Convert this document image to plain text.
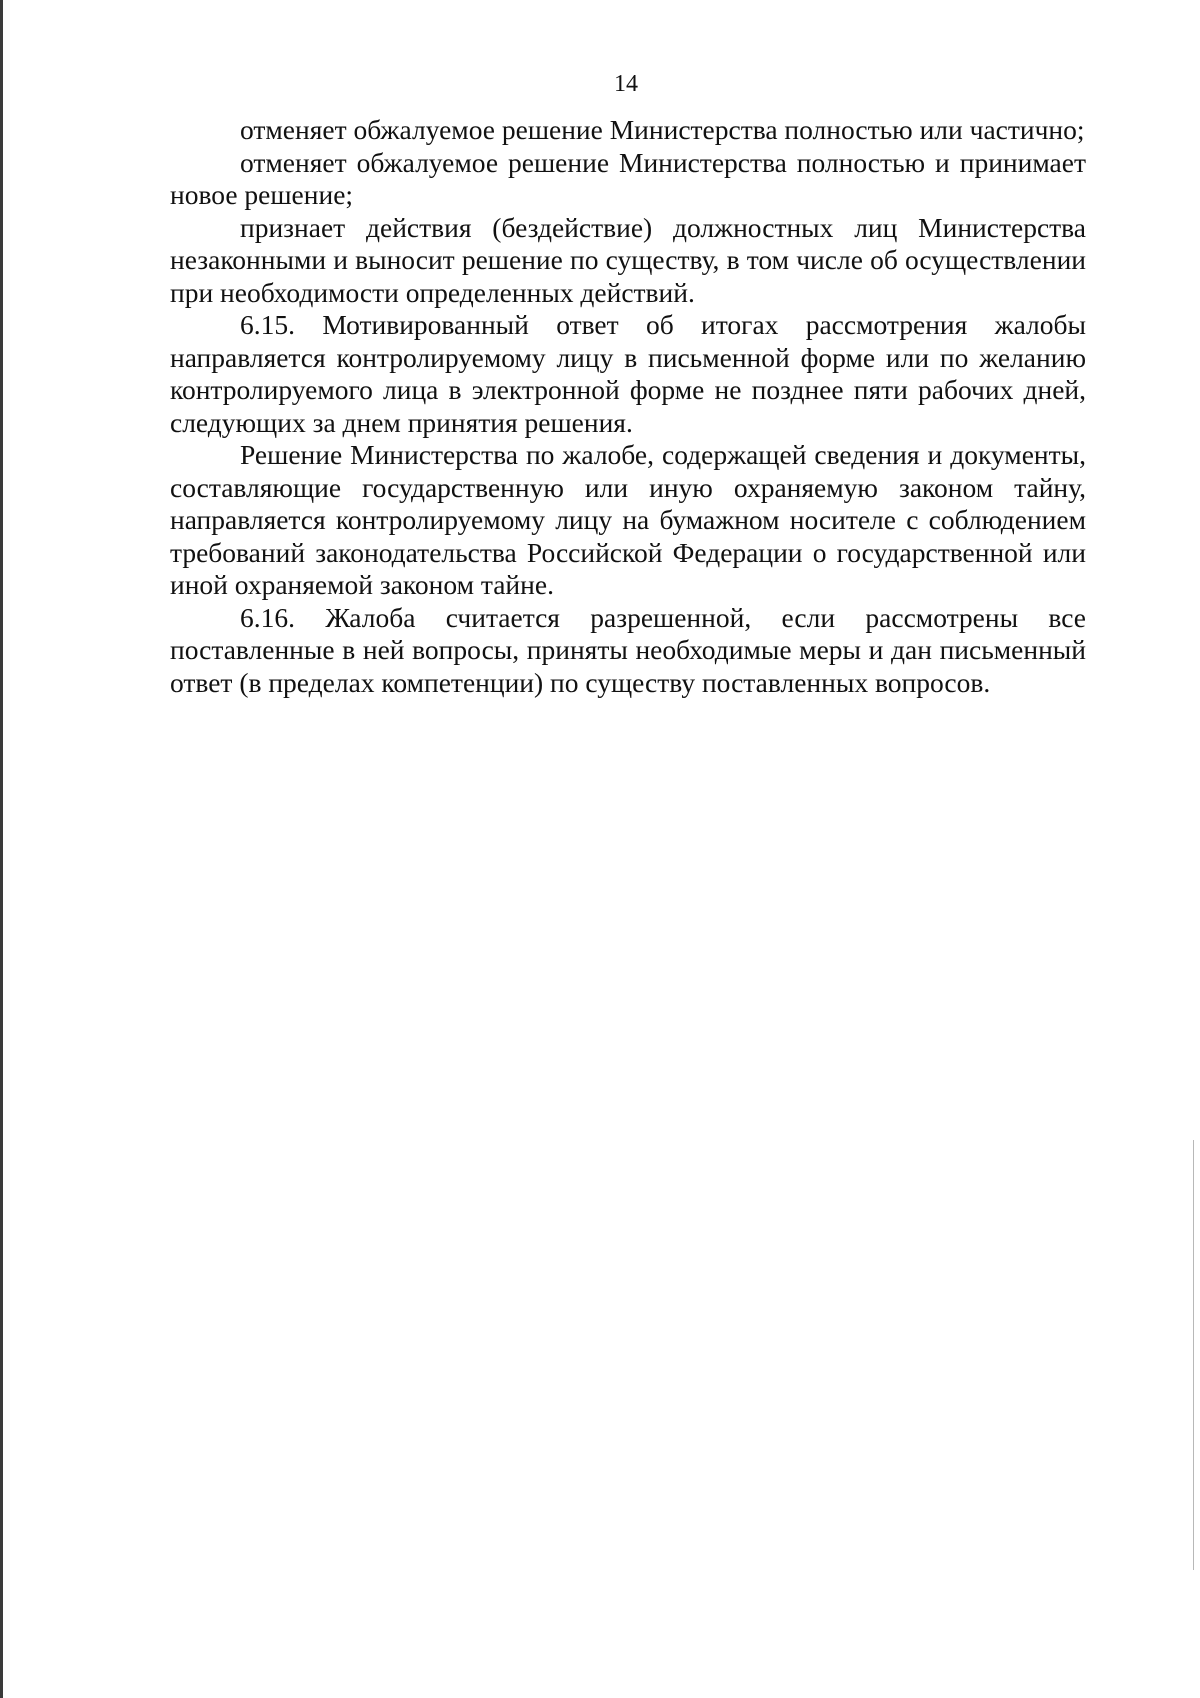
14

отменяет обжалуемое решение Министерства полностью или частично;

отменяет обжалуемое решение Министерства полностью и принимает новое решение;

признает действия (бездействие) должностных лиц Министерства незаконными и выносит решение по существу, в том числе об осуществлении при необходимости определенных действий.

6.15. Мотивированный ответ об итогах рассмотрения жалобы направляется контролируемому лицу в письменной форме или по желанию контролируемого лица в электронной форме не позднее пяти рабочих дней, следующих за днем принятия решения.

Решение Министерства по жалобе, содержащей сведения и документы, составляющие государственную или иную охраняемую законом тайну, направляется контролируемому лицу на бумажном носителе с соблюдением требований законодательства Российской Федерации о государственной или иной охраняемой законом тайне.

6.16. Жалоба считается разрешенной, если рассмотрены все поставленные в ней вопросы, приняты необходимые меры и дан письменный ответ (в пределах компетенции) по существу поставленных вопросов.
